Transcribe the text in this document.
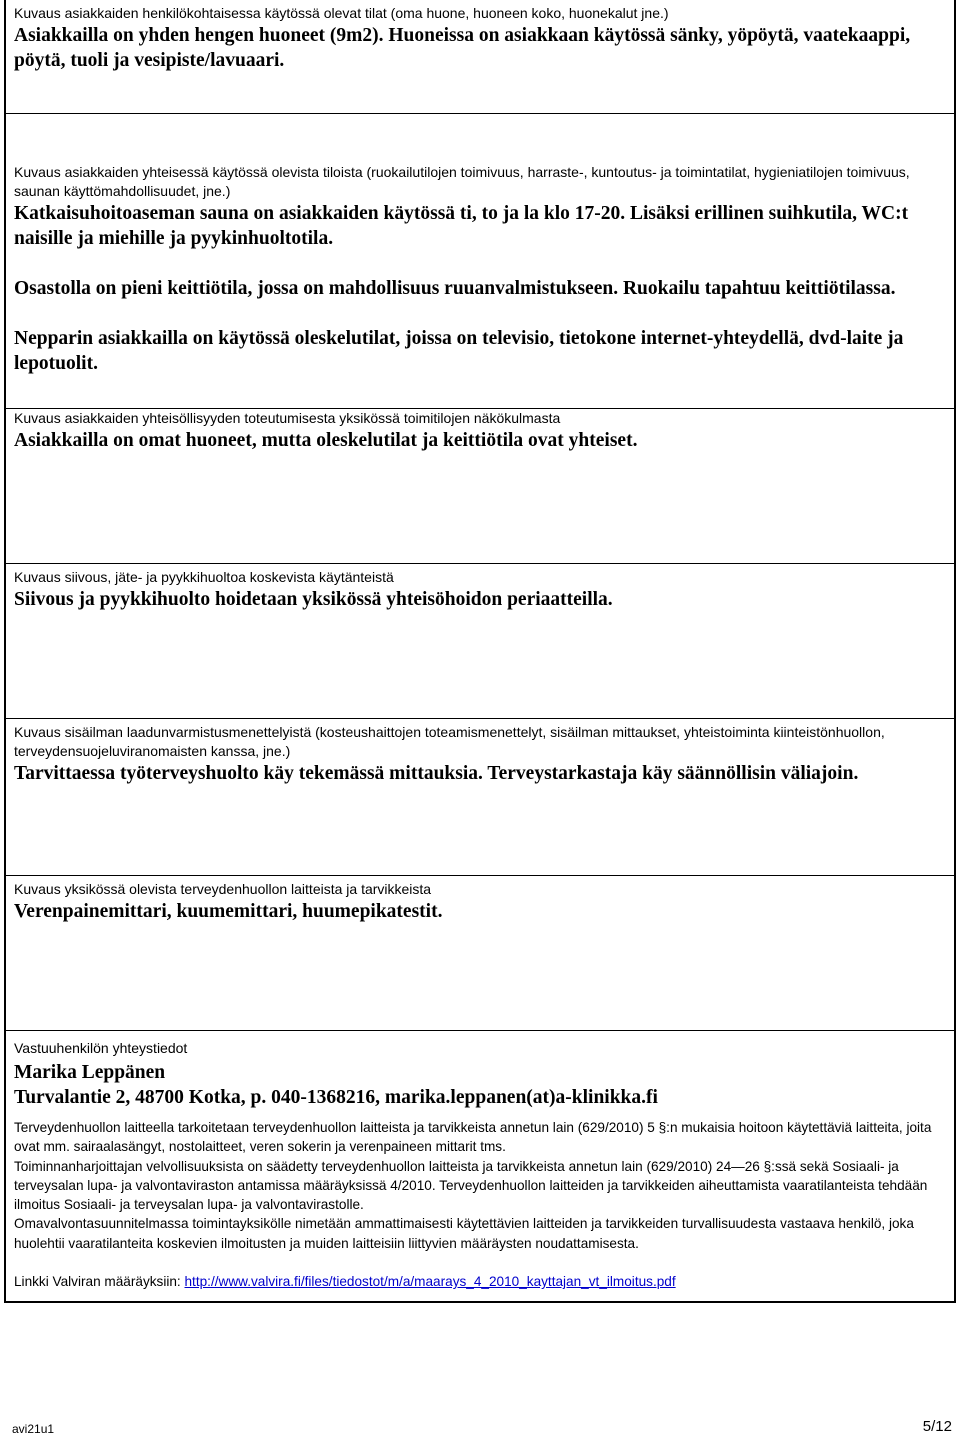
Kuvaus asiakkaiden henkilökohtaisessa käytössä olevat tilat (oma huone, huoneen koko, huonekalut jne.)

Asiakkailla on yhden hengen huoneet (9m2). Huoneissa on asiakkaan käytössä sänky, yöpöytä, vaatekaappi, pöytä, tuoli ja vesipiste/lavuaari.

Kuvaus asiakkaiden yhteisessä käytössä olevista tiloista (ruokailutilojen toimivuus, harraste-, kuntoutus- ja toimintatilat, hygieniatilojen toimivuus, saunan käyttömahdollisuudet, jne.)

Katkaisuhoitoaseman sauna on asiakkaiden käytössä ti, to ja la klo 17-20. Lisäksi erillinen suihkutila, WC:t naisille ja miehille ja pyykinhuoltotila.

Osastolla on pieni keittiötila, jossa on mahdollisuus ruuanvalmistukseen. Ruokailu tapahtuu keittiötilassa.

Nepparin asiakkailla on käytössä oleskelutilat, joissa on televisio, tietokone internet-yhteydellä, dvd-laite ja lepotuolit.

Kuvaus asiakkaiden yhteisöllisyyden toteutumisesta yksikössä toimitilojen näkökulmasta

Asiakkailla on omat huoneet, mutta oleskelutilat ja keittiötila ovat yhteiset.

Kuvaus siivous, jäte- ja pyykkihuoltoa koskevista käytänteistä

Siivous ja pyykkihuolto hoidetaan yksikössä yhteisöhoidon periaatteilla.

Kuvaus sisäilman laadunvarmistusmenettelyistä (kosteushaittojen toteamismenettelyt, sisäilman mittaukset, yhteistoiminta kiinteistönhuollon, terveydensuojeluviranomaisten kanssa, jne.)

Tarvittaessa työterveyshuolto käy tekemässä mittauksia. Terveystarkastaja käy säännöllisin väliajoin.

Kuvaus yksikössä olevista terveydenhuollon laitteista ja tarvikkeista

Verenpainemittari, kuumemittari, huumepikatestit.

Vastuuhenkilön yhteystiedot

Marika Leppänen

Turvalantie 2, 48700 Kotka, p. 040-1368216, marika.leppanen(at)a-klinikka.fi

Terveydenhuollon laitteella tarkoitetaan terveydenhuollon laitteista ja tarvikkeista annetun lain (629/2010) 5 §:n mukaisia hoitoon käytettäviä laitteita, joita ovat mm. sairaalasängyt, nostolaitteet, veren sokerin ja verenpaineen mittarit tms.

Toiminnanharjoittajan velvollisuuksista on säädetty terveydenhuollon laitteista ja tarvikkeista annetun lain (629/2010) 24—26 §:ssä sekä Sosiaali- ja terveysalan lupa- ja valvontaviraston antamissa määräyksissä 4/2010. Terveydenhuollon laitteiden ja tarvikkeiden aiheuttamista vaaratilanteista tehdään ilmoitus Sosiaali- ja terveysalan lupa- ja valvontavirastolle.

Omavalvontasuunnitelmassa toimintayksikölle nimetään ammattimaisesti käytettävien laitteiden ja tarvikkeiden turvallisuudesta vastaava henkilö, joka huolehtii vaaratilanteita koskevien ilmoitusten ja muiden laitteisiin liittyvien määräysten noudattamisesta.

Linkki Valviran määräyksiin: http://www.valvira.fi/files/tiedostot/m/a/maarays_4_2010_kayttajan_vt_ilmoitus.pdf

avi21u1	5/12
